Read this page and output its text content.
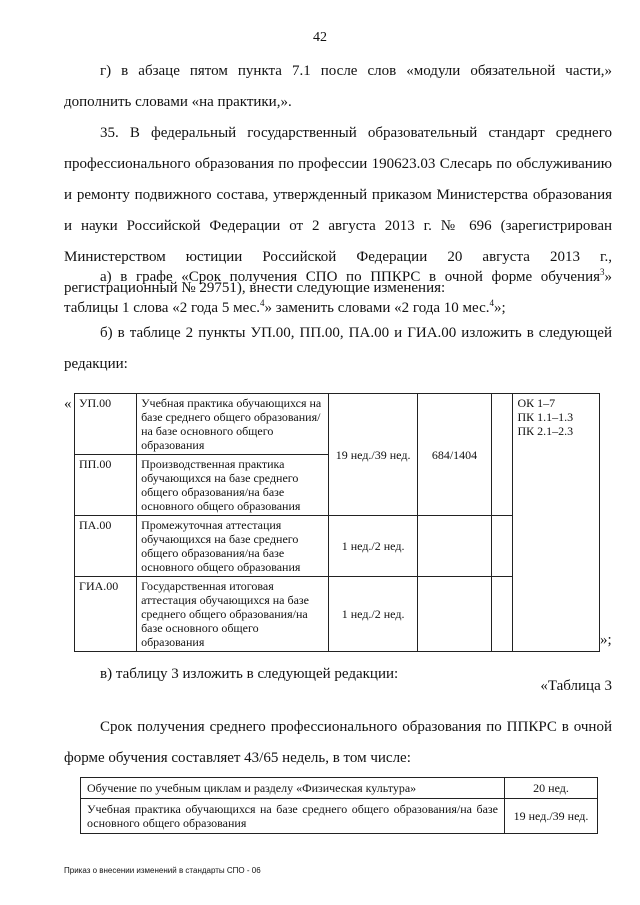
42
г) в абзаце пятом пункта 7.1 после слов «модули обязательной части,» дополнить словами «на практики,».
35. В федеральный государственный образовательный стандарт среднего профессионального образования по профессии 190623.03 Слесарь по обслуживанию и ремонту подвижного состава, утвержденный приказом Министерства образования и науки Российской Федерации от 2 августа 2013 г. № 696 (зарегистрирован Министерством юстиции Российской Федерации 20 августа 2013 г., регистрационный № 29751), внести следующие изменения:
а) в графе «Срок получения СПО по ППКРС в очной форме обучения$^3$» таблицы 1 слова «2 года 5 мес.$^4$» заменить словами «2 года 10 мес.$^4$»;
б) в таблице 2 пункты УП.00, ПП.00, ПА.00 и ГИА.00 изложить в следующей редакции:
« УП.00	Учебная практика обучающихся на базе среднего общего образования/на базе основного общего образования	19 нед./39 нед.	684/1404		ОК 1–7
ПК 1.1–1.3
ПК 2.1–2.3

ПП.00	Производственная практика обучающихся на базе среднего общего образования/на базе основного общего образования				
ПА.00	Промежуточная аттестация обучающихся на базе среднего общего образования/на базе основного общего образования	1 нед./2 нед.			
ГИА.00	Государственная итоговая аттестация обучающихся на базе среднего общего образования/на базе основного общего образования	1 нед./2 нед.			
»;
в) таблицу 3 изложить в следующей редакции:
«Таблица 3
Срок получения среднего профессионального образования по ППКРС в очной форме обучения составляет 43/65 недель, в том числе:
Обучение по учебным циклам и разделу «Физическая культура»	20 нед.
Учебная практика обучающихся на базе среднего общего образования/на базе основного общего образования	19 нед./39 нед.
Приказ о внесении изменений в стандарты СПО - 06
